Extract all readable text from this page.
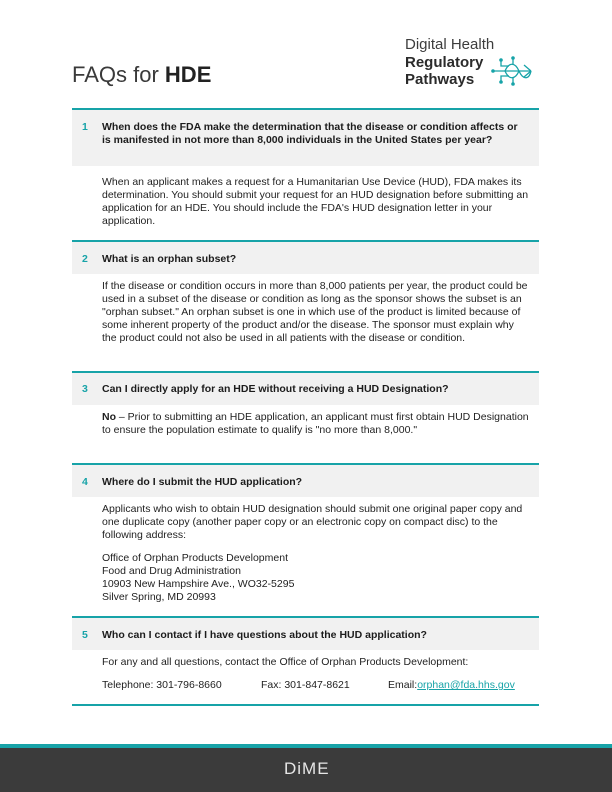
FAQs for HDE
Digital Health
Regulatory
Pathways
1 When does the FDA make the determination that the disease or condition affects or is manifested in not more than 8,000 individuals in the United States per year?

When an applicant makes a request for a Humanitarian Use Device (HUD), FDA makes its determination. You should submit your request for an HUD designation before submitting an application for an HDE. You should include the FDA's HUD designation letter in your application.

2 What is an orphan subset?

If the disease or condition occurs in more than 8,000 patients per year, the product could be used in a subset of the disease or condition as long as the sponsor shows the subset is an "orphan subset." An orphan subset is one in which use of the product is limited because of some inherent property of the product and/or the disease. The sponsor must explain why the product could not also be used in all patients with the disease or condition.

3 Can I directly apply for an HDE without receiving a HUD Designation?

No – Prior to submitting an HDE application, an applicant must first obtain HUD Designation to ensure the population estimate to qualify is "no more than 8,000."

4 Where do I submit the HUD application?

Applicants who wish to obtain HUD designation should submit one original paper copy and one duplicate copy (another paper copy or an electronic copy on compact disc) to the following address:

Office of Orphan Products Development
Food and Drug Administration
10903 New Hampshire Ave., WO32-5295
Silver Spring, MD 20993
5 Who can I contact if I have questions about the HUD application?

For any and all questions, contact the Office of Orphan Products Development:

Telephone: 301-796-8660	Fax: 301-847-8621	Email:orphan@fda.hhs.gov
DiME
